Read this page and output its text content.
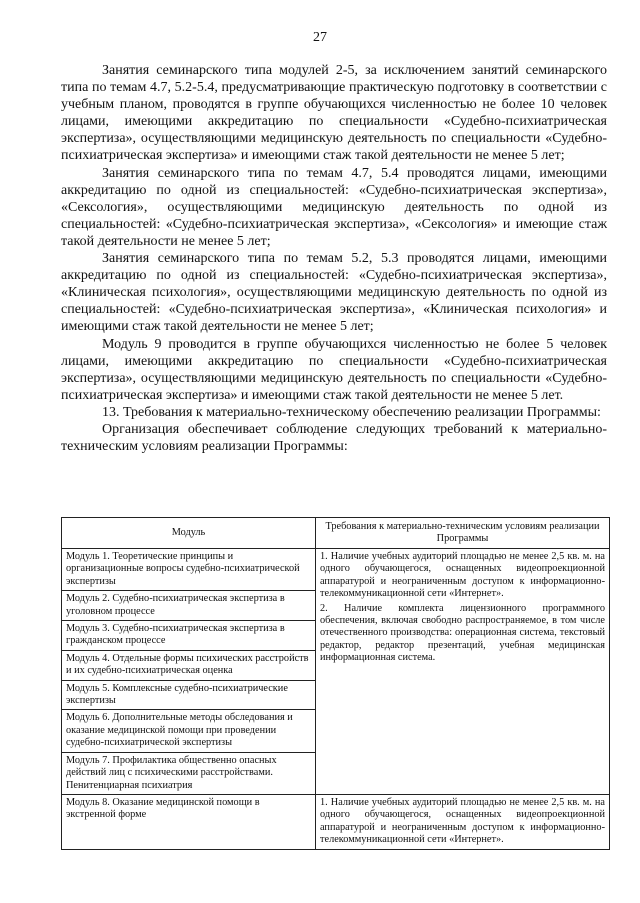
27

Занятия семинарского типа модулей 2-5, за исключением занятий семинарского типа по темам 4.7, 5.2-5.4, предусматривающие практическую подготовку в соответствии с учебным планом, проводятся в группе обучающихся численностью не более 10 человек лицами, имеющими аккредитацию по специальности «Судебно-психиатрическая экспертиза», осуществляющими медицинскую деятельность по специальности «Судебно-психиатрическая экспертиза» и имеющими стаж такой деятельности не менее 5 лет;

Занятия семинарского типа по темам 4.7, 5.4 проводятся лицами, имеющими аккредитацию по одной из специальностей: «Судебно-психиатрическая экспертиза», «Сексология», осуществляющими медицинскую деятельность по одной из специальностей: «Судебно-психиатрическая экспертиза», «Сексология» и имеющие стаж такой деятельности не менее 5 лет;

Занятия семинарского типа по темам 5.2, 5.3 проводятся лицами, имеющими аккредитацию по одной из специальностей: «Судебно-психиатрическая экспертиза», «Клиническая психология», осуществляющими медицинскую деятельность по одной из специальностей: «Судебно-психиатрическая экспертиза», «Клиническая психология» и имеющими стаж такой деятельности не менее 5 лет;

Модуль 9 проводится в группе обучающихся численностью не более 5 человек лицами, имеющими аккредитацию по специальности «Судебно-психиатрическая экспертиза», осуществляющими медицинскую деятельность по специальности «Судебно-психиатрическая экспертиза» и имеющими стаж такой деятельности не менее 5 лет.

13. Требования к материально-техническому обеспечению реализации Программы:

Организация обеспечивает соблюдение следующих требований к материально-техническим условиям реализации Программы:

Модуль	Требования к материально-техническим условиям реализации Программы
Модуль 1. Теоретические принципы и организационные вопросы судебно-психиатрической экспертизы	1. Наличие учебных аудиторий площадью не менее 2,5 кв. м. на одного обучающегося, оснащенных видеопроекционной аппаратурой и неограниченным доступом к информационно-телекоммуникационной сети «Интернет».

2. Наличие комплекта лицензионного программного обеспечения, включая свободно распространяемое, в том числе отечественного производства: операционная система, текстовый редактор, редактор презентаций, учебная медицинская информационная система.

Модуль 2. Судебно-психиатрическая экспертиза в уголовном процессе	
Модуль 3. Судебно-психиатрическая экспертиза в гражданском процессе	
Модуль 4. Отдельные формы психических расстройств и их судебно-психиатрическая оценка	
Модуль 5. Комплексные судебно-психиатрические экспертизы	
Модуль 6. Дополнительные методы обследования и оказание медицинской помощи при проведении судебно-психиатрической экспертизы	
Модуль 7. Профилактика общественно опасных действий лиц с психическими расстройствами. Пенитенциарная психиатрия	
Модуль 8. Оказание медицинской помощи в экстренной форме	1. Наличие учебных аудиторий площадью не менее 2,5 кв. м. на одного обучающегося, оснащенных видеопроекционной аппаратурой и неограниченным доступом к информационно-телекоммуникационной сети «Интернет».
